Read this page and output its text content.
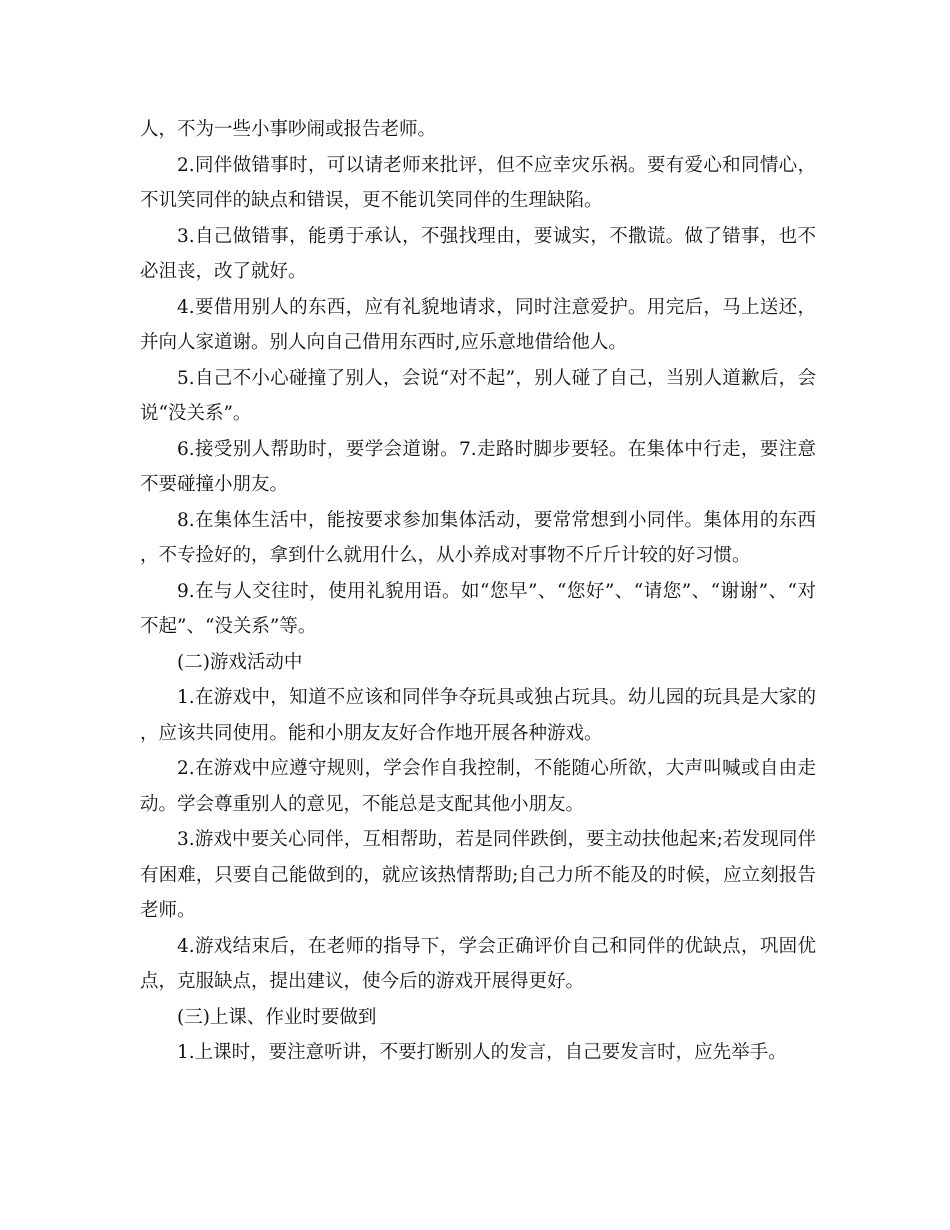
人，不为一些小事吵闹或报告老师。

2.同伴做错事时，可以请老师来批评，但不应幸灾乐祸。要有爱心和同情心，不讥笑同伴的缺点和错误，更不能讥笑同伴的生理缺陷。

3.自己做错事，能勇于承认，不强找理由，要诚实，不撒谎。做了错事，也不必沮丧，改了就好。

4.要借用别人的东西，应有礼貌地请求，同时注意爱护。用完后，马上送还，并向人家道谢。别人向自己借用东西时,应乐意地借给他人。

5.自己不小心碰撞了别人，会说“对不起”，别人碰了自己，当别人道歉后，会说“没关系”。

6.接受别人帮助时，要学会道谢。7.走路时脚步要轻。在集体中行走，要注意不要碰撞小朋友。

8.在集体生活中，能按要求参加集体活动，要常常想到小同伴。集体用的东西，不专捡好的，拿到什么就用什么，从小养成对事物不斤斤计较的好习惯。

9.在与人交往时，使用礼貌用语。如“您早”、“您好”、“请您”、“谢谢”、“对不起”、“没关系”等。

(二)游戏活动中

1.在游戏中，知道不应该和同伴争夺玩具或独占玩具。幼儿园的玩具是大家的，应该共同使用。能和小朋友友好合作地开展各种游戏。

2.在游戏中应遵守规则，学会作自我控制，不能随心所欲，大声叫喊或自由走动。学会尊重别人的意见，不能总是支配其他小朋友。

3.游戏中要关心同伴，互相帮助，若是同伴跌倒，要主动扶他起来;若发现同伴有困难，只要自己能做到的，就应该热情帮助;自己力所不能及的时候，应立刻报告老师。

4.游戏结束后，在老师的指导下，学会正确评价自己和同伴的优缺点，巩固优点，克服缺点，提出建议，使今后的游戏开展得更好。

(三)上课、作业时要做到

1.上课时，要注意听讲，不要打断别人的发言，自己要发言时，应先举手。
